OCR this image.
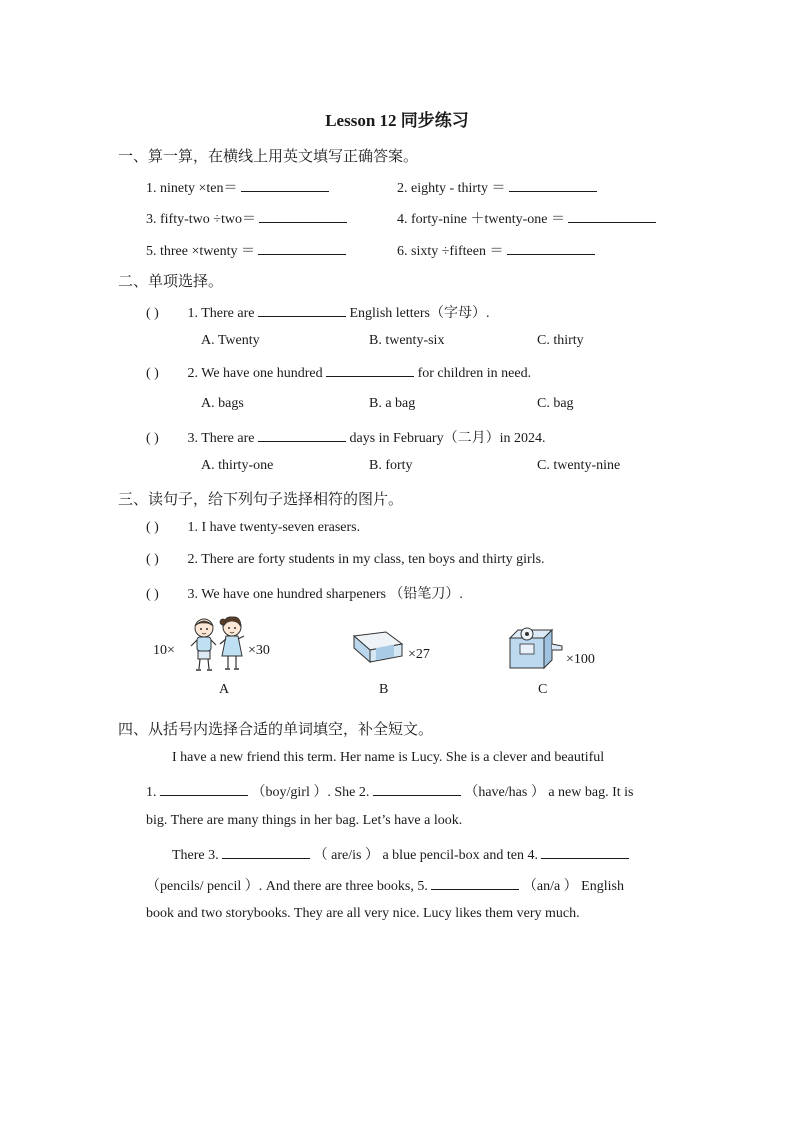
Lesson 12 同步练习
一、算一算，在横线上用英文填写正确答案。
1. ninety ×ten＝	2. eighty - thirty ＝
3. fifty-two ÷two＝	4. forty-nine ＋twenty-one ＝
5. three ×twenty ＝	6. sixty ÷fifteen ＝
二、单项选择。
( ) 1. There are	English letters（字母）.
A. Twenty	B. twenty-six	C. thirty
( ) 2. We have one hundred	for children in need.
A. bags	B. a bag	C. bag
( ) 3. There are	days in February（二月）in 2024.
A. thirty-one	B. forty	C. twenty-nine
三、读句子，给下列句子选择相符的图片。
( ) 1. I have twenty-seven erasers.
( ) 2. There are forty students in my class, ten boys and thirty girls.
( ) 3. We have one hundred sharpeners （铅笔刀）.
10×	×30
A
×27
B
×100
C
四、从括号内选择合适的单词填空，补全短文。
I have a new friend this term. Her name is Lucy. She is a clever and beautiful
1.	（boy/girl ）. She 2.	（have/has ） a new bag. It is
big. There are many things in her bag. Let’s have a look.
There 3.	（ are/is ） a blue pencil-box and ten 4.
（pencils/ pencil ）. And there are three books, 5.	（an/a ） English
book and two storybooks. They are all very nice. Lucy likes them very much.
